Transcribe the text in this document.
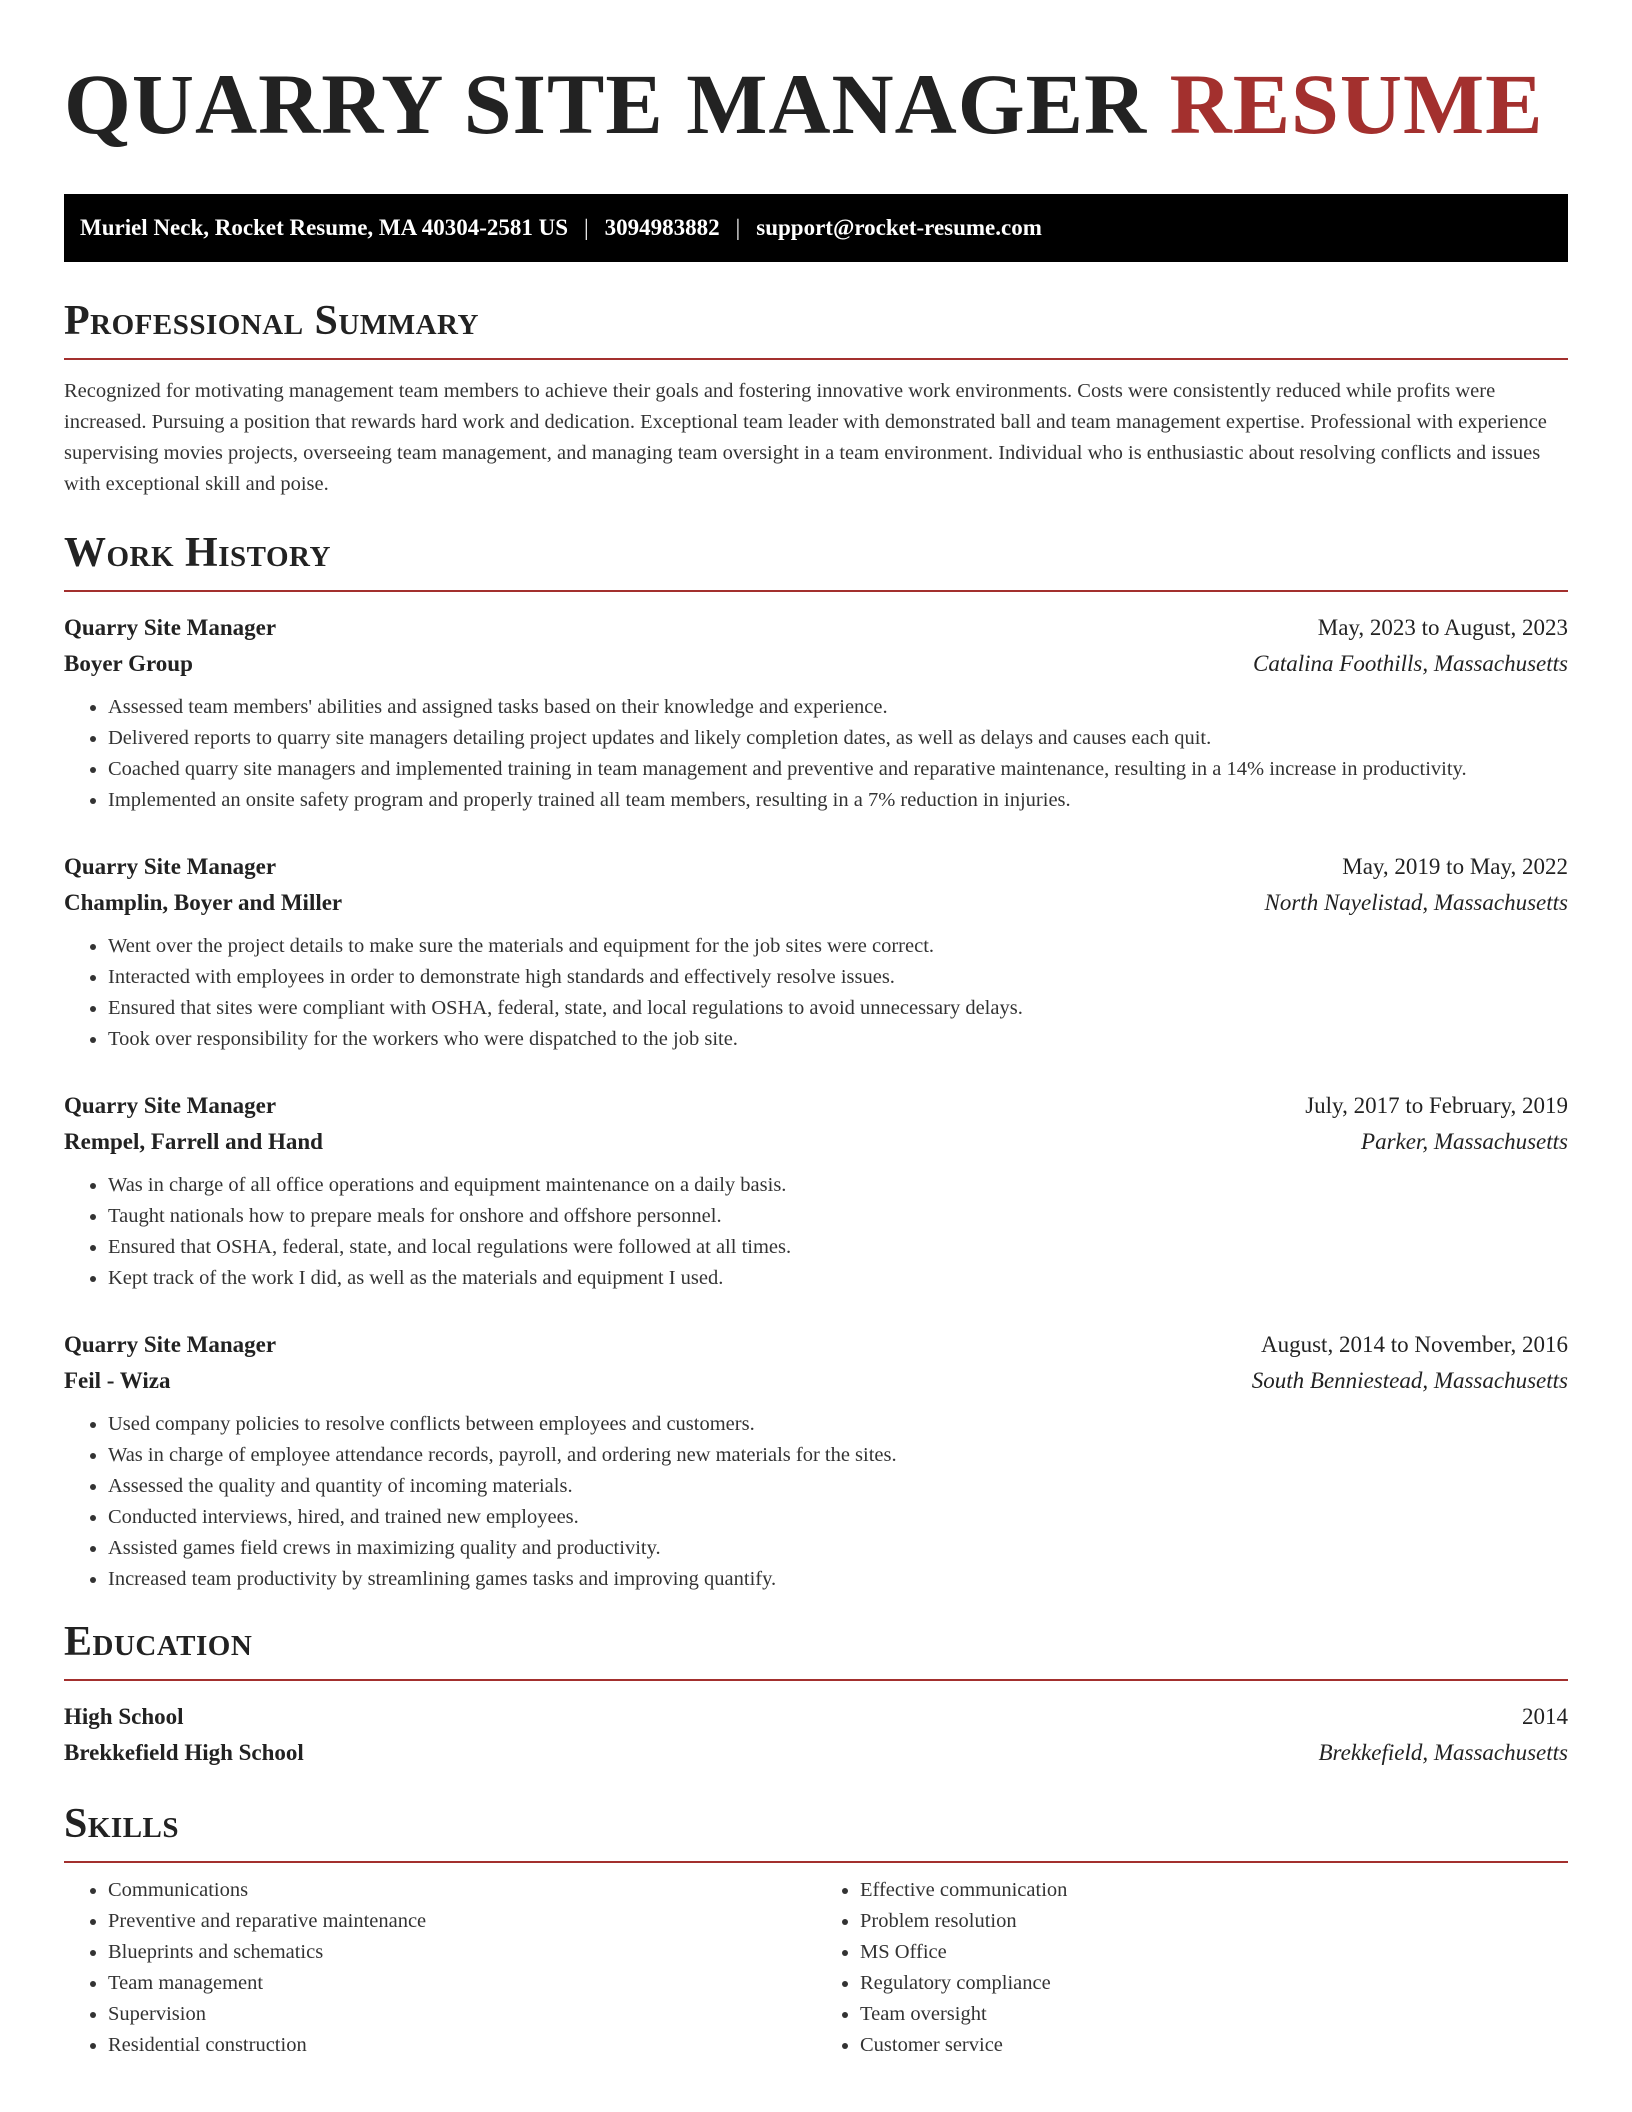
QUARRY SITE MANAGER RESUME
Muriel Neck, Rocket Resume, MA 40304-2581 US | 3094983882 | support@rocket-resume.com
Professional Summary

Recognized for motivating management team members to achieve their goals and fostering innovative work environments. Costs were consistently reduced while profits were increased. Pursuing a position that rewards hard work and dedication. Exceptional team leader with demonstrated ball and team management expertise. Professional with experience supervising movies projects, overseeing team management, and managing team oversight in a team environment. Individual who is enthusiastic about resolving conflicts and issues with exceptional skill and poise.

Work History
Quarry Site Manager	May, 2023 to August, 2023
Boyer Group	Catalina Foothills, Massachusetts
• Assessed team members' abilities and assigned tasks based on their knowledge and experience.
• Delivered reports to quarry site managers detailing project updates and likely completion dates, as well as delays and causes each quit.
• Coached quarry site managers and implemented training in team management and preventive and reparative maintenance, resulting in a 14% increase in productivity.
• Implemented an onsite safety program and properly trained all team members, resulting in a 7% reduction in injuries.
Quarry Site Manager	May, 2019 to May, 2022
Champlin, Boyer and Miller	North Nayelistad, Massachusetts
• Went over the project details to make sure the materials and equipment for the job sites were correct.
• Interacted with employees in order to demonstrate high standards and effectively resolve issues.
• Ensured that sites were compliant with OSHA, federal, state, and local regulations to avoid unnecessary delays.
• Took over responsibility for the workers who were dispatched to the job site.
Quarry Site Manager	July, 2017 to February, 2019
Rempel, Farrell and Hand	Parker, Massachusetts
• Was in charge of all office operations and equipment maintenance on a daily basis.
• Taught nationals how to prepare meals for onshore and offshore personnel.
• Ensured that OSHA, federal, state, and local regulations were followed at all times.
• Kept track of the work I did, as well as the materials and equipment I used.
Quarry Site Manager	August, 2014 to November, 2016
Feil - Wiza	South Benniestead, Massachusetts
• Used company policies to resolve conflicts between employees and customers.
• Was in charge of employee attendance records, payroll, and ordering new materials for the sites.
• Assessed the quality and quantity of incoming materials.
• Conducted interviews, hired, and trained new employees.
• Assisted games field crews in maximizing quality and productivity.
• Increased team productivity by streamlining games tasks and improving quantify.
Education
High School	2014
Brekkefield High School	Brekkefield, Massachusetts
Skills
• Communications
• Preventive and reparative maintenance
• Blueprints and schematics
• Team management
• Supervision
• Residential construction
• Effective communication
• Problem resolution
• MS Office
• Regulatory compliance
• Team oversight
• Customer service
